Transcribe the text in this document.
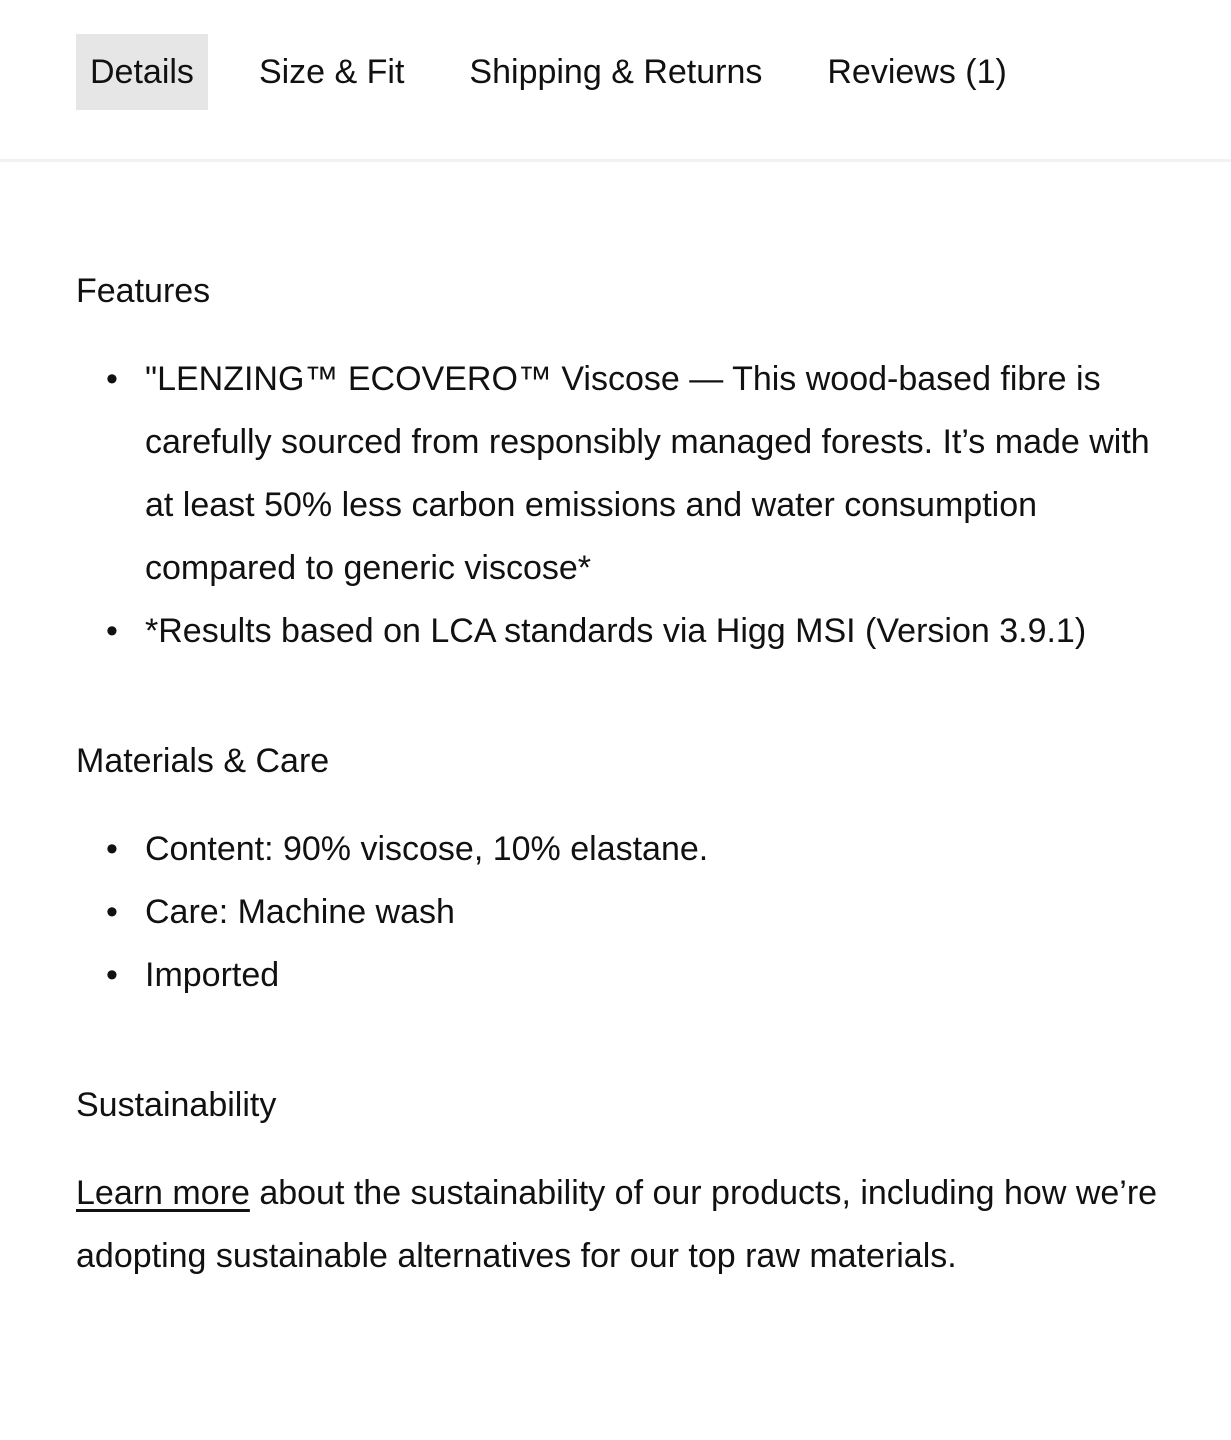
Details	Size & Fit	Shipping & Returns	Reviews (1)
Features
• "LENZING™ ECOVERO™ Viscose — This wood-based fibre is carefully sourced from responsibly managed forests. It’s made with at least 50% less carbon emissions and water consumption compared to generic viscose*
• *Results based on LCA standards via Higg MSI (Version 3.9.1)
Materials & Care
• Content: 90% viscose, 10% elastane.
• Care: Machine wash
• Imported
Sustainability

Learn more about the sustainability of our products, including how we’re adopting sustainable alternatives for our top raw materials.
